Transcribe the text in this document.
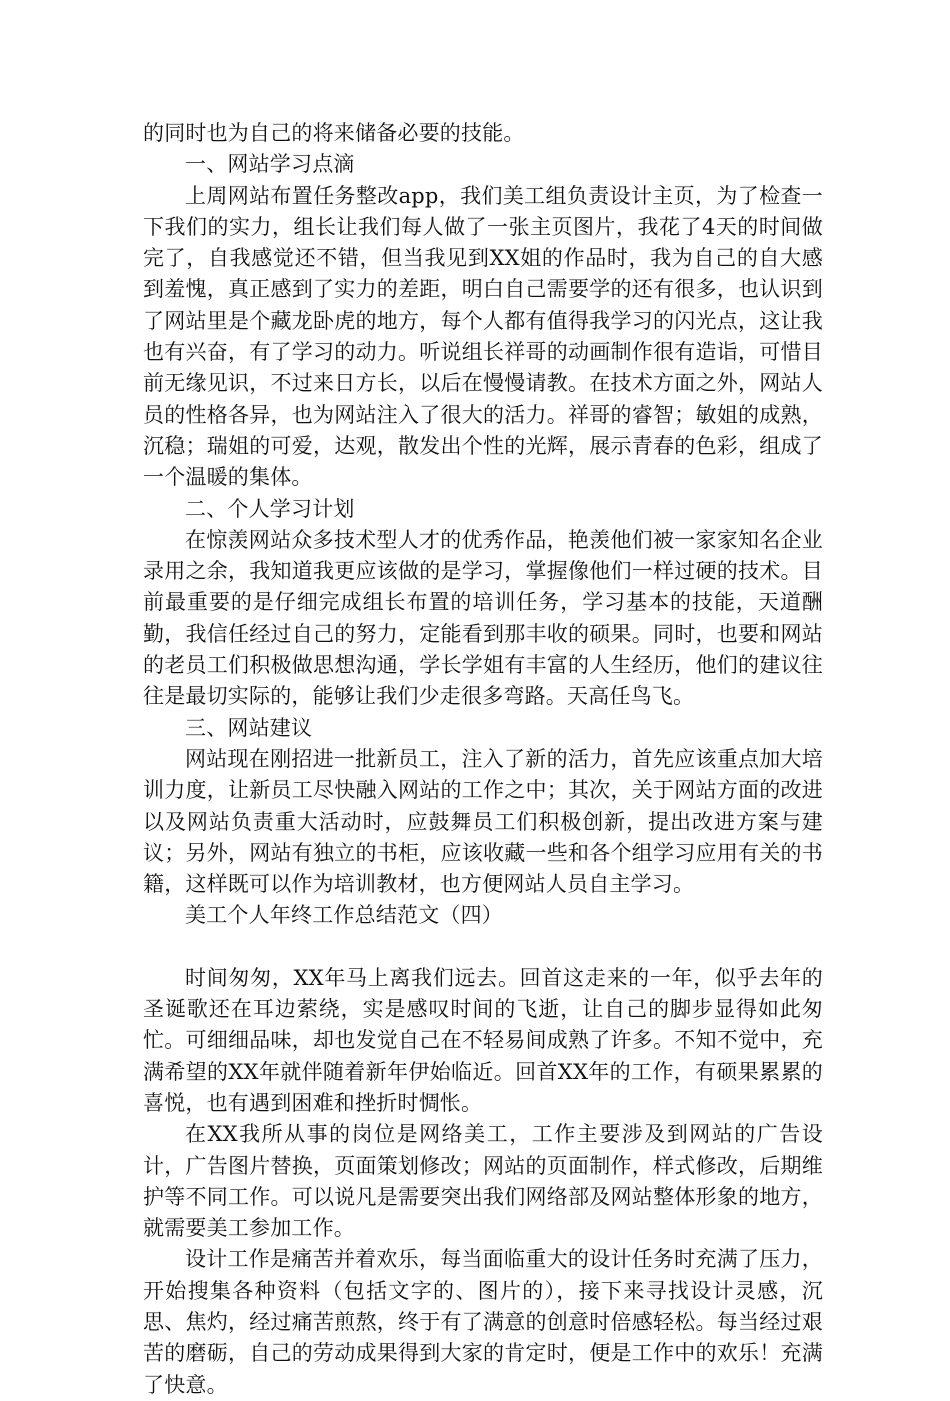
的同时也为自己的将来储备必要的技能。

一、网站学习点滴

上周网站布置任务整改app，我们美工组负责设计主页，为了检查一下我们的实力，组长让我们每人做了一张主页图片，我花了4天的时间做完了，自我感觉还不错，但当我见到XX姐的作品时，我为自己的自大感到羞愧，真正感到了实力的差距，明白自己需要学的还有很多，也认识到了网站里是个藏龙卧虎的地方，每个人都有值得我学习的闪光点，这让我也有兴奋，有了学习的动力。听说组长祥哥的动画制作很有造诣，可惜目前无缘见识，不过来日方长，以后在慢慢请教。在技术方面之外，网站人员的性格各异，也为网站注入了很大的活力。祥哥的睿智；敏姐的成熟，沉稳；瑞姐的可爱，达观，散发出个性的光辉，展示青春的色彩，组成了一个温暖的集体。

二、个人学习计划

在惊羡网站众多技术型人才的优秀作品，艳羡他们被一家家知名企业录用之余，我知道我更应该做的是学习，掌握像他们一样过硬的技术。目前最重要的是仔细完成组长布置的培训任务，学习基本的技能，天道酬勤，我信任经过自己的努力，定能看到那丰收的硕果。同时，也要和网站的老员工们积极做思想沟通，学长学姐有丰富的人生经历，他们的建议往往是最切实际的，能够让我们少走很多弯路。天高任鸟飞。

三、网站建议

网站现在刚招进一批新员工，注入了新的活力，首先应该重点加大培训力度，让新员工尽快融入网站的工作之中；其次，关于网站方面的改进以及网站负责重大活动时，应鼓舞员工们积极创新，提出改进方案与建议；另外，网站有独立的书柜，应该收藏一些和各个组学习应用有关的书籍，这样既可以作为培训教材，也方便网站人员自主学习。

美工个人年终工作总结范文（四）

时间匆匆，XX年马上离我们远去。回首这走来的一年，似乎去年的圣诞歌还在耳边萦绕，实是感叹时间的飞逝，让自己的脚步显得如此匆忙。可细细品味，却也发觉自己在不轻易间成熟了许多。不知不觉中，充满希望的XX年就伴随着新年伊始临近。回首XX年的工作，有硕果累累的喜悦，也有遇到困难和挫折时惆怅。

在XX我所从事的岗位是网络美工，工作主要涉及到网站的广告设计，广告图片替换，页面策划修改；网站的页面制作，样式修改，后期维护等不同工作。可以说凡是需要突出我们网络部及网站整体形象的地方，就需要美工参加工作。

设计工作是痛苦并着欢乐，每当面临重大的设计任务时充满了压力，开始搜集各种资料（包括文字的、图片的），接下来寻找设计灵感，沉思、焦灼，经过痛苦煎熬，终于有了满意的创意时倍感轻松。每当经过艰苦的磨砺，自己的劳动成果得到大家的肯定时，便是工作中的欢乐！充满了快意。
